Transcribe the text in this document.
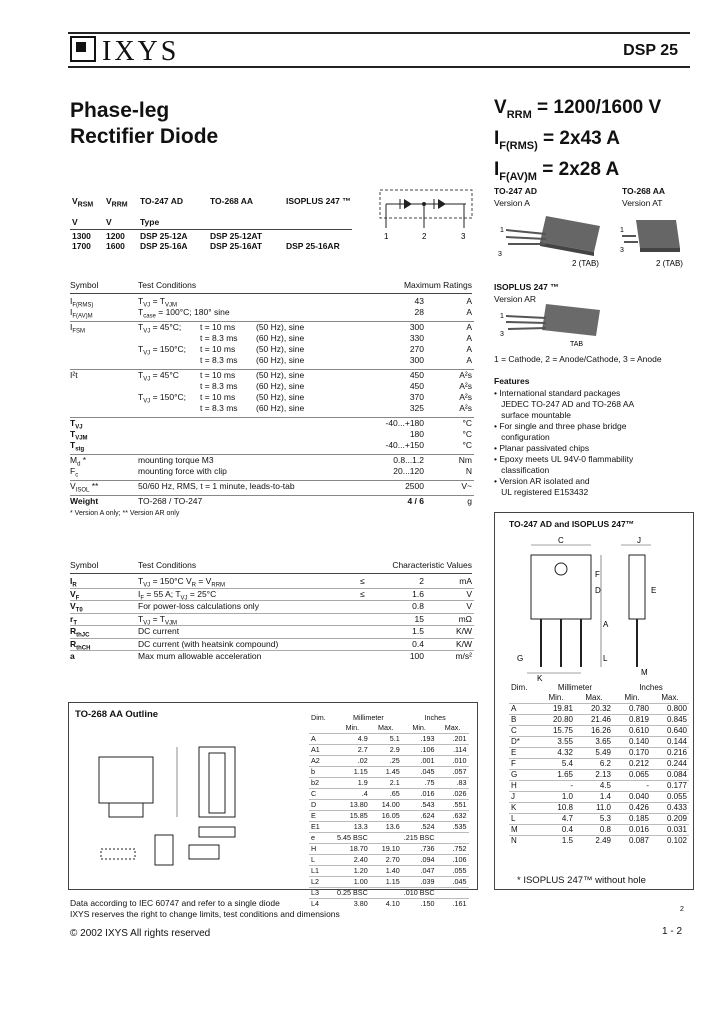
IXYS	DSP 25
Phase-leg
Rectifier Diode
$V_{RRM} = 1200/1600$ V
$I_{F(RMS)} = 2x43$ A
$I_{F(AV)M} = 2x28$ A
$V_{RSM}$	$V_{RRM}$	TO-247 AD	TO-268 AA	ISOPLUS 247 ™
V	V	Type		
1300	1200	DSP 25-12A	DSP 25-12AT	
1700	1600	DSP 25-16A	DSP 25-16AT	DSP 25-16AR
1	2	3
TO-247 AD
Version A
TO-268 AA
Version AT
1
3
2 (TAB)
1
3
2 (TAB)
ISOPLUS 247 ™
Version AR
1
3
TAB
1 = Cathode, 2 = Anode/Cathode, 3 = Anode
Features
• International standard packages
JEDEC TO-247 AD and TO-268 AA
surface mountable
• For single and three phase bridge
configuration
• Planar passivated chips
• Epoxy meets UL 94V-0 flammability
classification
• Version AR isolated and
UL registered E153432
Symbol	Test Conditions	Maximum Ratings
$I_{F(RMS)}$	$T_{VJ} = T_{VJM}$	43	A
$I_{F(AV)M}$	$T_{case} = 100^\circ C$; 180° sine	28	A
$I_{FSM}$	$T_{VJ} = 45^\circ C$; t = 10 ms (50 Hz), sine	300	A
t = 8.3 ms (60 Hz), sine	330	A
$T_{VJ} = 150^\circ C$; t = 10 ms (50 Hz), sine	270	A
t = 8.3 ms (60 Hz), sine	300	A
I²t	$T_{VJ} = 45^\circ C$ t = 10 ms (50 Hz), sine	450	A²s
t = 8.3 ms (60 Hz), sine	450	A²s
$T_{VJ} = 150^\circ C$; t = 10 ms (50 Hz), sine	370	A²s
t = 8.3 ms (60 Hz), sine	325	A²s
$T_{VJ}$	-40...+180	°C
$T_{VJM}$	180	°C
$T_{stg}$	-40...+150	°C
$M_d$ *	mounting torque M3	0.8...1.2	Nm
$F_c$	mounting force with clip	20...120	N
$V_{ISOL}$ **	50/60 Hz, RMS, t = 1 minute, leads-to-tab	2500	V~
Weight	TO-268 / TO-247	4 / 6	g
* Version A only; ** Version AR only
Symbol	Test Conditions	Characteristic Values
$I_R$	$T_{VJ} = 150^\circ C$ $V_R = V_{RRM}$	≤	2	mA
$V_F$	$I_F = 55$ A; $T_{VJ} = 25^\circ C$	≤	1.6	V
$V_{T0}$	For power-loss calculations only	0.8	V
$r_T$	$T_{VJ} = T_{VJM}$	15	mΩ
$R_{thJC}$	DC current	1.5	K/W
$R_{thCH}$	DC current (with heatsink compound)	0.4	K/W
a	Max mum allowable acceleration	100	m/s²
TO-247 AD and ISOPLUS 247™
C	J
F
D
A
E
K
L
M
G
Dim.	Millimeter		Inches	
	Min.	Max.	Min.	Max.
A	19.81	20.32	0.780	0.800
B	20.80	21.46	0.819	0.845
C	15.75	16.26	0.610	0.640
D*	3.55	3.65	0.140	0.144
E	4.32	5.49	0.170	0.216
F	5.4	6.2	0.212	0.244
G	1.65	2.13	0.065	0.084
H	-	4.5	-	0.177
J	1.0	1.4	0.040	0.055
K	10.8	11.0	0.426	0.433
L	4.7	5.3	0.185	0.209
M	0.4	0.8	0.016	0.031
N	1.5	2.49	0.087	0.102
* ISOPLUS 247™ without hole
TO-268 AA Outline	Dim.	Millimeter		Inches	
	Min.	Max.	Min.	Max.
A	4.9	5.1	.193	.201
A1	2.7	2.9	.106	.114
A2	.02	.25	.001	.010
b	1.15	1.45	.045	.057
b2	1.9	2.1	.75	.83
C	.4	.65	.016	.026
D	13.80	14.00	.543	.551
E	15.85	16.05	.624	.632
E1	13.3	13.6	.524	.535
e	5.45 BSC		.215 BSC	
H	18.70	19.10	.736	.752
L	2.40	2.70	.094	.106
L1	1.20	1.40	.047	.055
L2	1.00	1.15	.039	.045
L3	0.25 BSC		.010 BSC	
L4	3.80	4.10	.150	.161
Data according to IEC 60747 and refer to a single diode
IXYS reserves the right to change limits, test conditions and dimensions
© 2002 IXYS All rights reserved	1 - 2
2
